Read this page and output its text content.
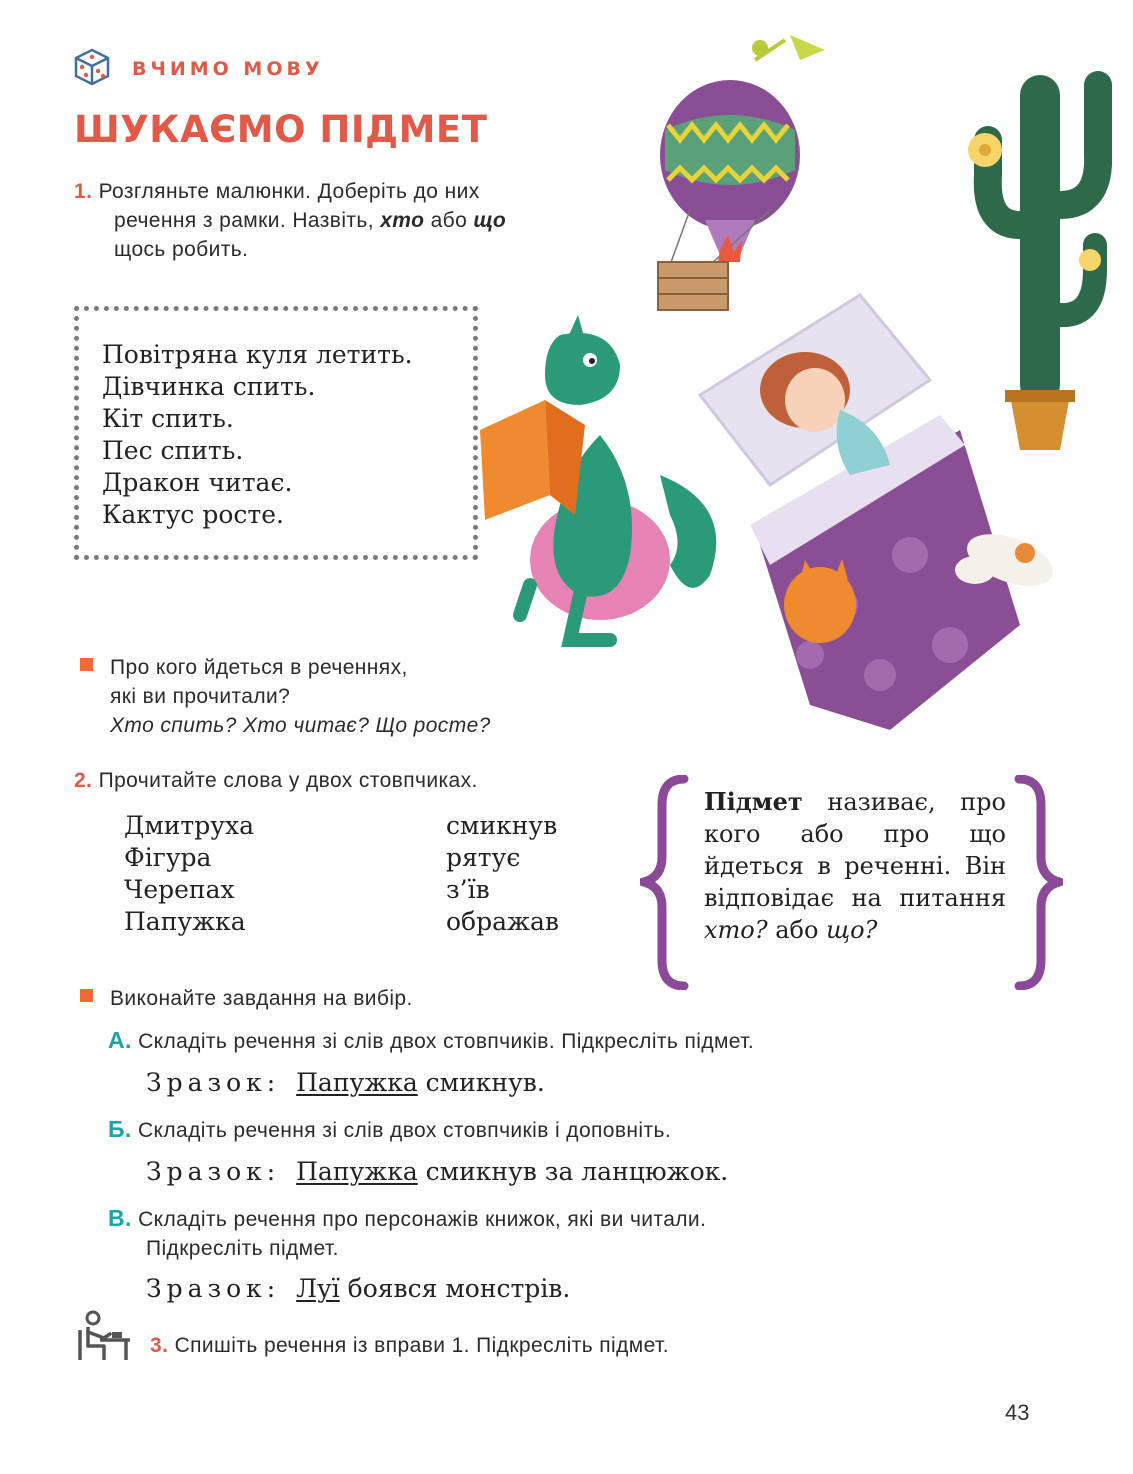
ВЧИМО МОВУ
ШУКАЄМО ПІДМЕТ
1. Розгляньте малюнки. Доберіть до них
речення з рамки. Назвіть, хто або що
щось робить.
Повітряна куля летить.
Дівчинка спить.
Кіт спить.
Пес спить.
Дракон читає.
Кактус росте.
Про кого йдеться в реченнях,
які ви прочитали?
Хто спить? Хто читає? Що росте?
2. Прочитайте слова у двох стовпчиках.
Дмитруха
Фігура
Черепах
Папужка
смикнув
рятує
з’їв
ображав
Підмет називає, про кого або про що йдеться в реченні. Він відповідає на питання хто? або що?
Виконайте завдання на вибір.
А. Складіть речення зі слів двох стовпчиків. Підкресліть підмет.
Зразок: Папужка смикнув.
Б. Складіть речення зі слів двох стовпчиків і доповніть.
Зразок: Папужка смикнув за ланцюжок.
В. Складіть речення про персонажів книжок, які ви читали.
Підкресліть підмет.
Зразок: Луї боявся монстрів.
3. Спишіть речення із вправи 1. Підкресліть підмет.
43
